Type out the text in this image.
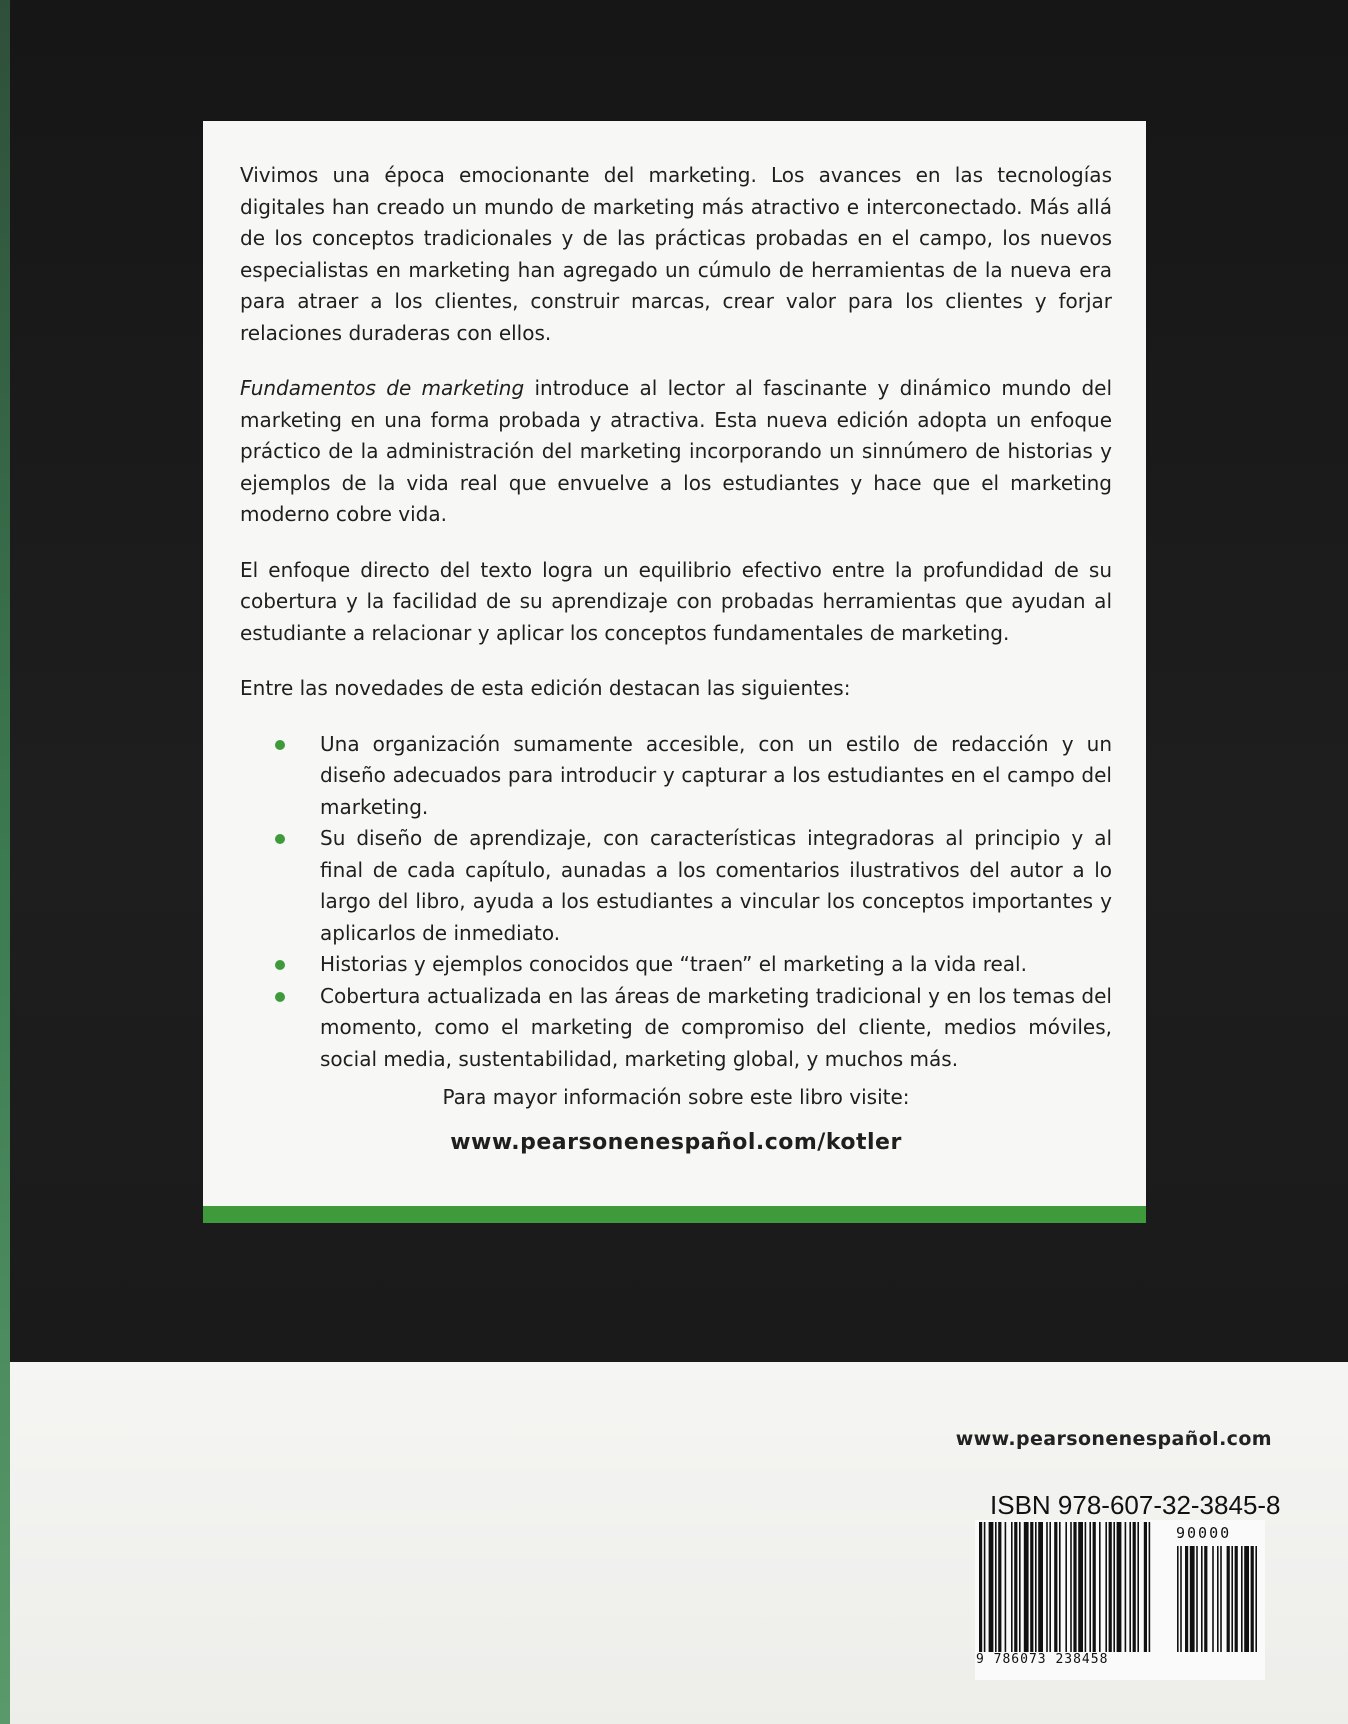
Vivimos una época emocionante del marketing. Los avances en las tecnologías digitales han creado un mundo de marketing más atractivo e interconectado. Más allá de los conceptos tradicionales y de las prácticas probadas en el campo, los nuevos especialistas en marketing han agregado un cúmulo de herramientas de la nueva era para atraer a los clientes, construir marcas, crear valor para los clientes y forjar relaciones duraderas con ellos.

Fundamentos de marketing introduce al lector al fascinante y dinámico mundo del marketing en una forma probada y atractiva. Esta nueva edición adopta un enfoque práctico de la administración del marketing incorporando un sinnúmero de historias y ejemplos de la vida real que envuelve a los estudiantes y hace que el marketing moderno cobre vida.

El enfoque directo del texto logra un equilibrio efectivo entre la profundidad de su cobertura y la facilidad de su aprendizaje con probadas herramientas que ayudan al estudiante a relacionar y aplicar los conceptos fundamentales de marketing.

Entre las novedades de esta edición destacan las siguientes:

Una organización sumamente accesible, con un estilo de redacción y un diseño adecuados para introducir y capturar a los estudiantes en el campo del marketing.
Su diseño de aprendizaje, con características integradoras al principio y al final de cada capítulo, aunadas a los comentarios ilustrativos del autor a lo largo del libro, ayuda a los estudiantes a vincular los conceptos importantes y aplicarlos de inmediato.
Historias y ejemplos conocidos que “traen” el marketing a la vida real.
Cobertura actualizada en las áreas de marketing tradicional y en los temas del momento, como el marketing de compromiso del cliente, medios móviles, social media, sustentabilidad, marketing global, y muchos más.
Para mayor información sobre este libro visite:
www.pearsonenespañol.com/kotler
www.pearsonenespañol.com
ISBN 978-607-32-3845-8
90000
9 786073 238458
